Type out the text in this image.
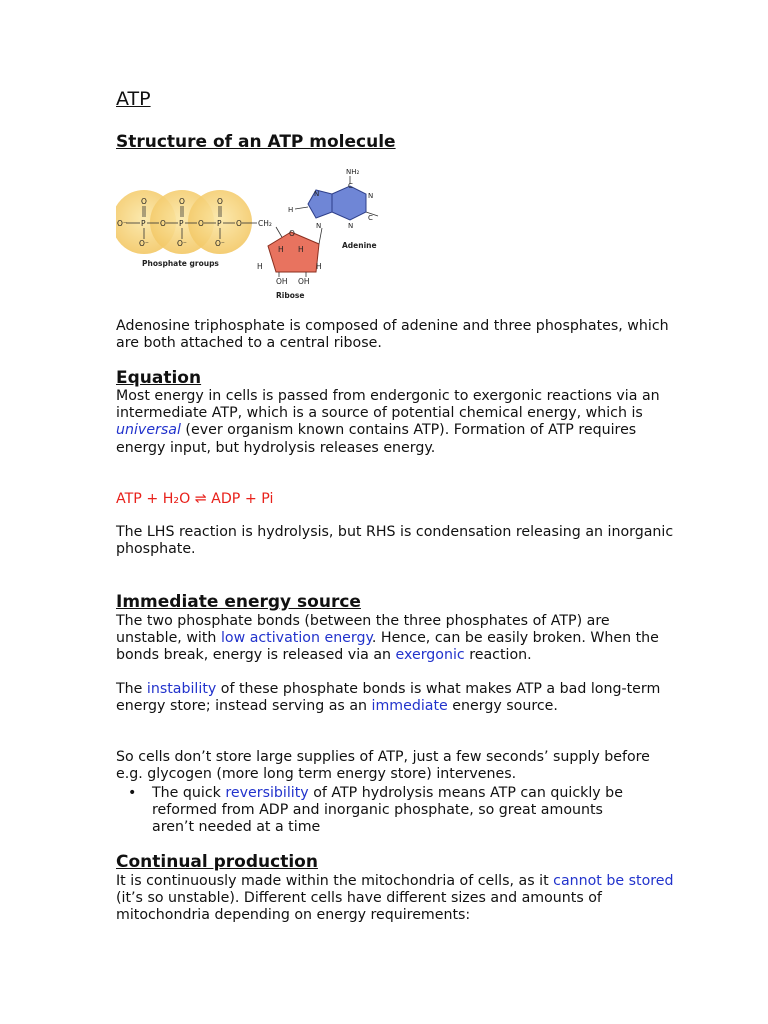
ATP
Structure of an ATP molecule
O⁻ P O P O P O CH₂
O	O	O
O⁻	O⁻	O⁻
Phosphate groups
O
H H
H	H
OH OH
Ribose
NH₂
C
N	N
H
C
N	N
Adenine

Adenosine triphosphate is composed of adenine and three phosphates, which are both attached to a central ribose.

Equation

Most energy in cells is passed from endergonic to exergonic reactions via an intermediate ATP, which is a source of potential chemical energy, which is universal (ever organism known contains ATP). Formation of ATP requires energy input, but hydrolysis releases energy.

ATP + H₂O ⇌ ADP + Pi

The LHS reaction is hydrolysis, but RHS is condensation releasing an inorganic phosphate.

Immediate energy source

The two phosphate bonds (between the three phosphates of ATP) are unstable, with low activation energy. Hence, can be easily broken. When the bonds break, energy is released via an exergonic reaction.

The instability of these phosphate bonds is what makes ATP a bad long-term energy store; instead serving as an immediate energy source.

So cells don’t store large supplies of ATP, just a few seconds’ supply before e.g. glycogen (more long term energy store) intervenes.

• The quick reversibility of ATP hydrolysis means ATP can quickly be reformed from ADP and inorganic phosphate, so great amounts aren’t needed at a time
Continual production

It is continuously made within the mitochondria of cells, as it cannot be stored (it’s so unstable). Different cells have different sizes and amounts of mitochondria depending on energy requirements:
